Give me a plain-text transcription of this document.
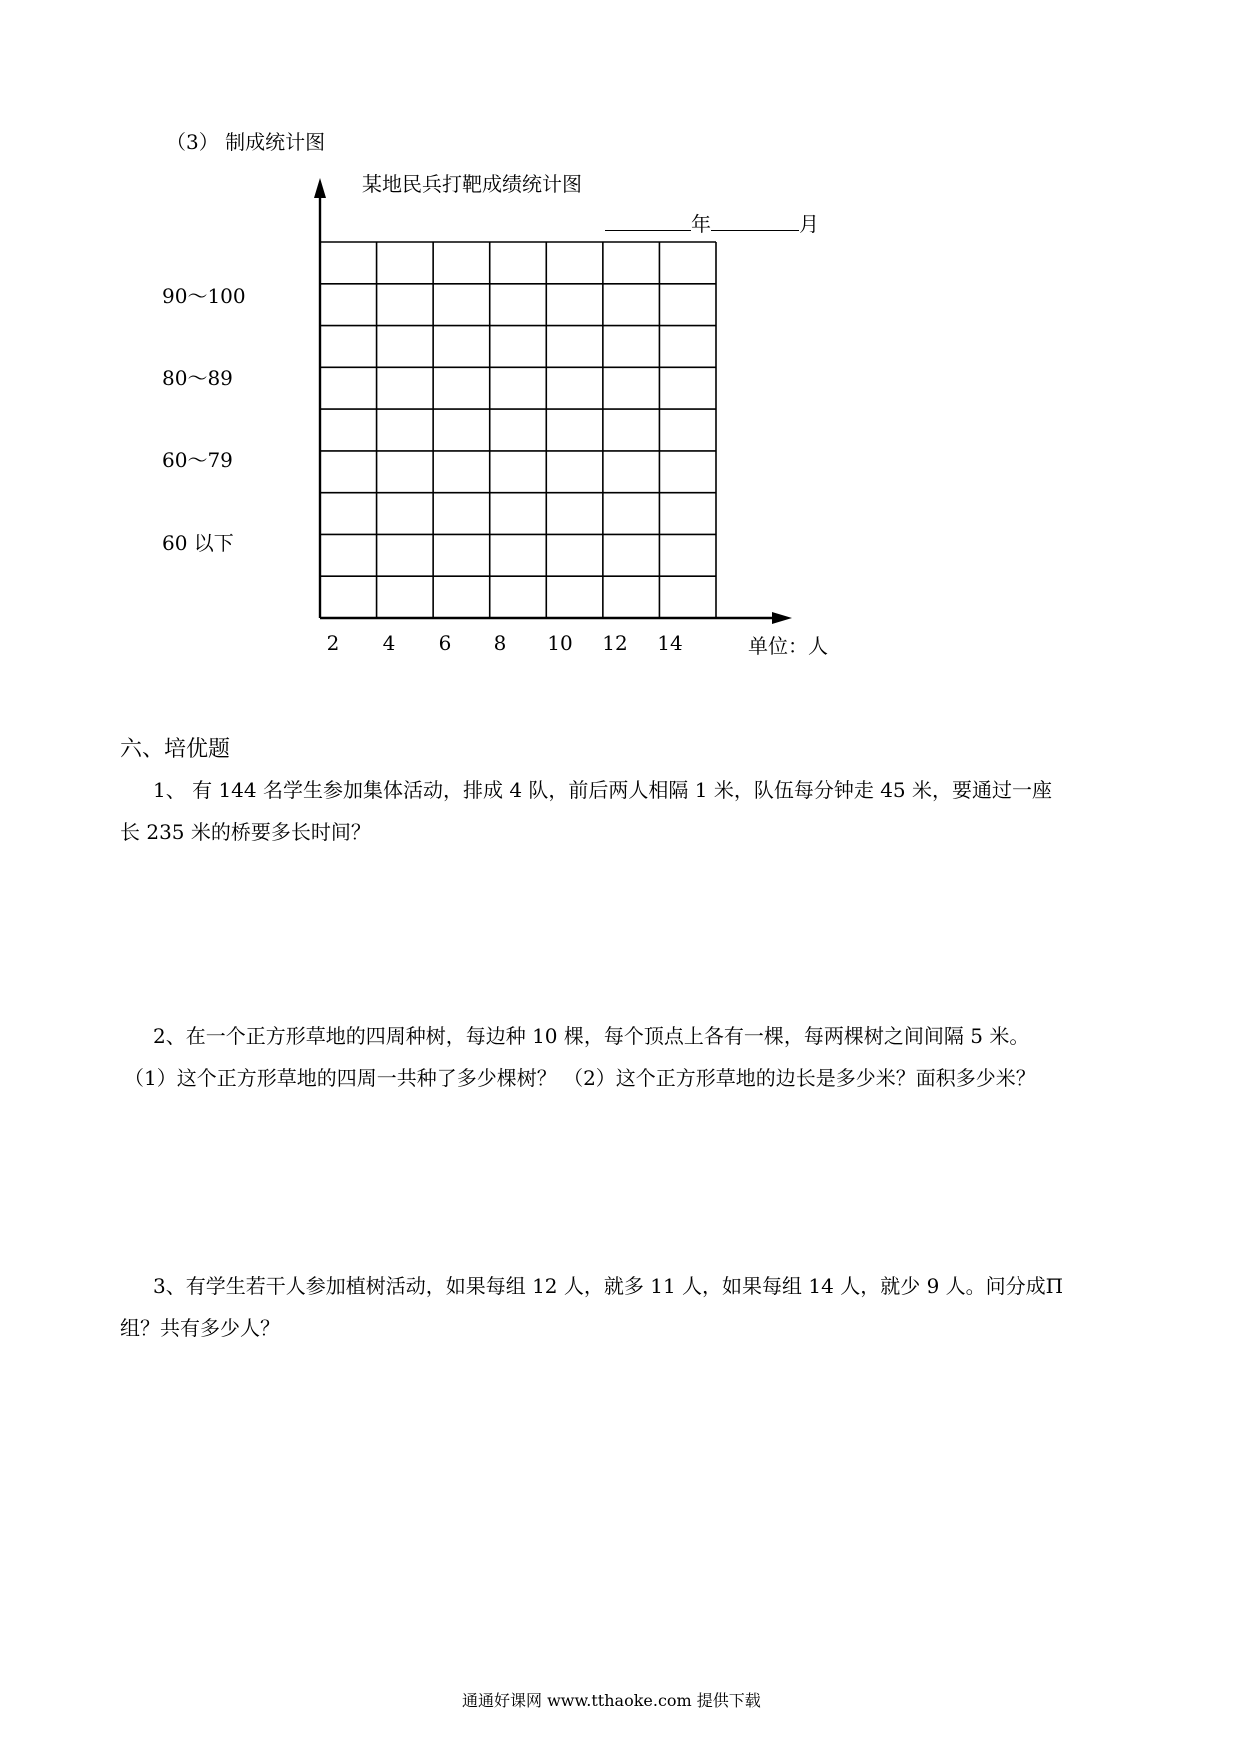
（3） 制成统计图
90～100
80～89
60～79
60 以下
2 4 6 8 10 12 14
某地民兵打靶成绩统计图
年	月
单位：人
六、培优题
1、 有 144 名学生参加集体活动，排成 4 队，前后两人相隔 1 米，队伍每分钟走 45 米，要通过一座
长 235 米的桥要多长时间？
2、在一个正方形草地的四周种树，每边种 10 棵，每个顶点上各有一棵，每两棵树之间间隔 5 米。
（1）这个正方形草地的四周一共种了多少棵树？ （2）这个正方形草地的边长是多少米？面积多少米？
3、有学生若干人参加植树活动，如果每组 12 人，就多 11 人，如果每组 14 人，就少 9 人。问分成Π
组？共有多少人？
通通好课网 www.tthaoke.com 提供下载
